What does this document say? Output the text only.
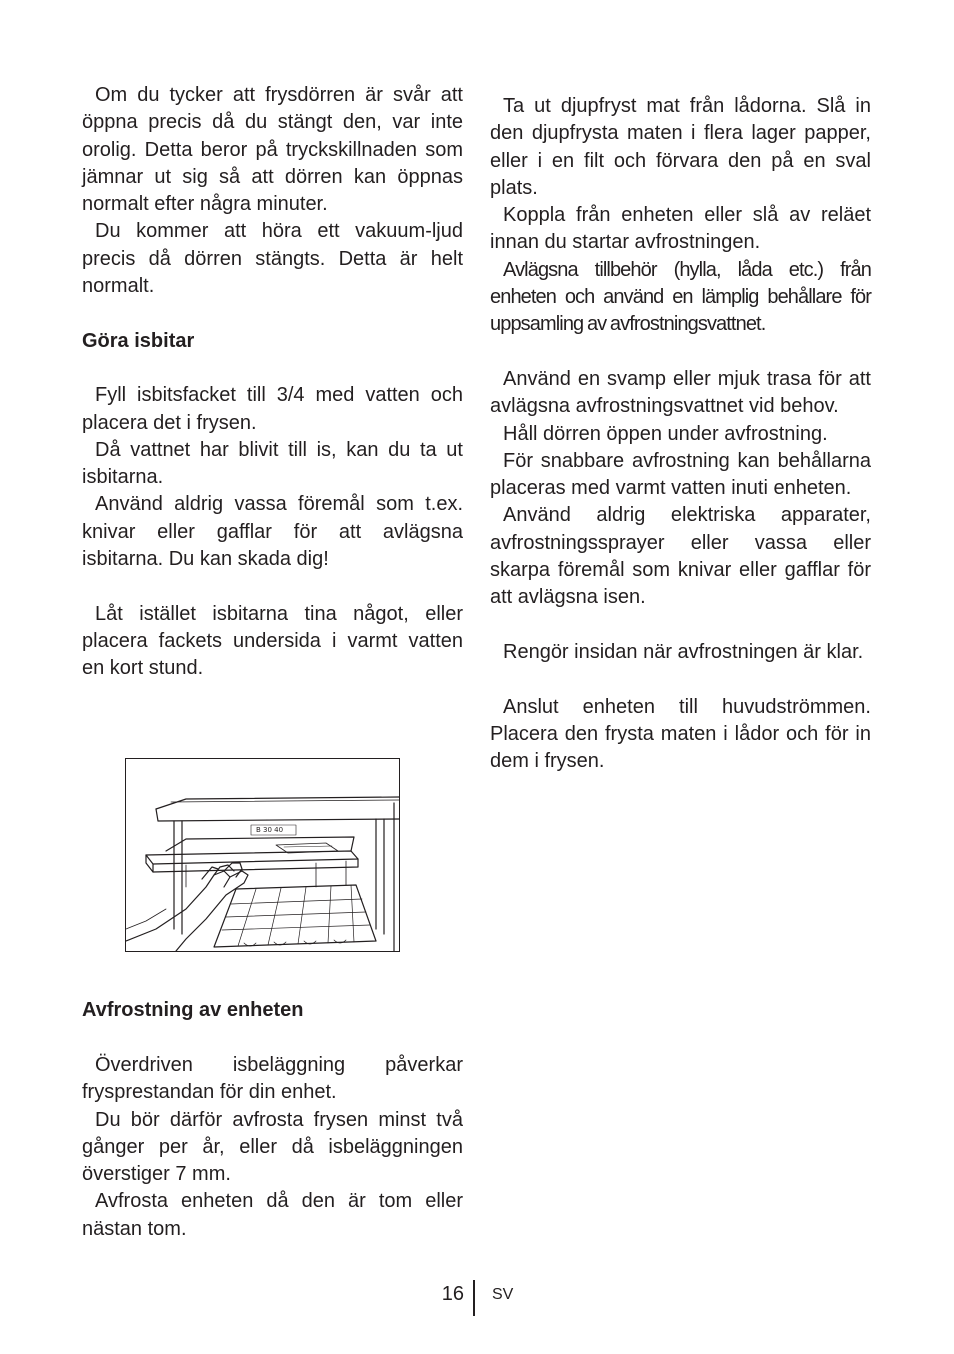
Om du tycker att frysdörren är svår att öppna precis då du stängt den, var inte orolig. Detta beror på tryckskillnaden som jämnar ut sig så att dörren kan öppnas normalt efter några minuter.

Du kommer att höra ett vakuum-ljud precis då dörren stängts. Detta är helt normalt.

Göra isbitar

Fyll isbitsfacket till 3/4 med vatten och placera det i frysen.

Då vattnet har blivit till is, kan du ta ut isbitarna.

Använd aldrig vassa föremål som t.ex. knivar eller gafflar för att avlägsna isbitarna. Du kan skada dig!

Låt istället isbitarna tina något, eller placera fackets undersida i varmt vatten en kort stund.

B 30 40
Avfrostning av enheten

Överdriven isbeläggning påverkar frysprestandan för din enhet.

Du bör därför avfrosta frysen minst två gånger per år, eller då isbeläggningen överstiger 7 mm.

Avfrosta enheten då den är tom eller nästan tom.

Ta ut djupfryst mat från lådorna. Slå in den djupfrysta maten i flera lager papper, eller i en filt och förvara den på en sval plats.

Koppla från enheten eller slå av reläet innan du startar avfrostningen.

Avlägsna tillbehör (hylla, låda etc.) från enheten och använd en lämplig behållare för uppsamling av avfrostningsvattnet.

Använd en svamp eller mjuk trasa för att avlägsna avfrostningsvattnet vid behov.

Håll dörren öppen under avfrostning.

För snabbare avfrostning kan behållarna placeras med varmt vatten inuti enheten.

Använd aldrig elektriska apparater, avfrostningssprayer eller vassa eller skarpa föremål som knivar eller gafflar för att avlägsna isen.

Rengör insidan när avfrostningen är klar.

Anslut enheten till huvudströmmen. Placera den frysta maten i lådor och för in dem i frysen.

16 SV
